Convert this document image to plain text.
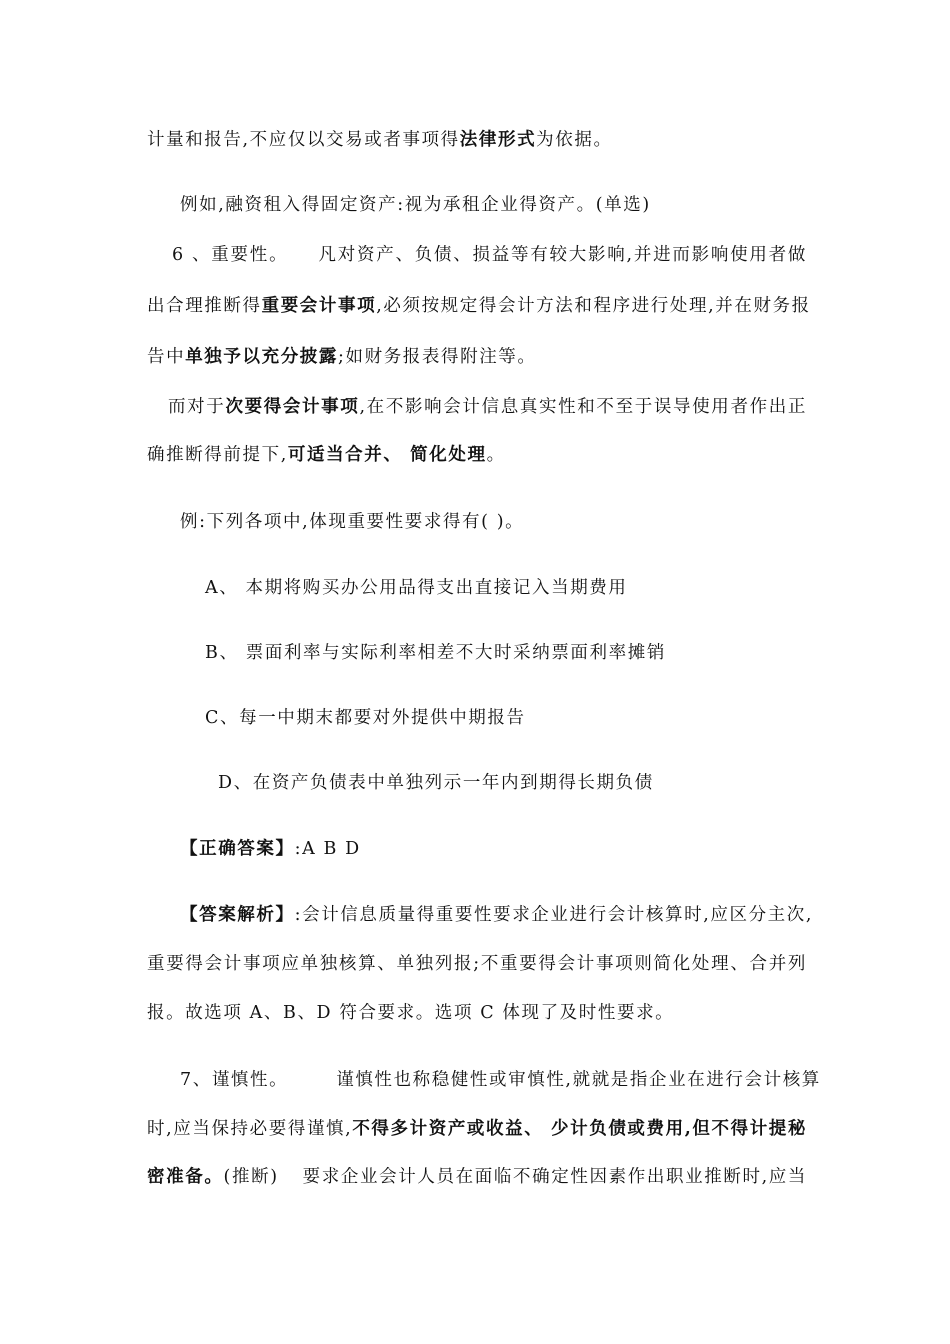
计量和报告,不应仅以交易或者事项得法律形式为依据。
例如,融资租入得固定资产:视为承租企业得资产。(单选)
6 、重要性。 凡对资产、负债、损益等有较大影响,并进而影响使用者做
出合理推断得重要会计事项,必须按规定得会计方法和程序进行处理,并在财务报
告中单独予以充分披露;如财务报表得附注等。
而对于次要得会计事项,在不影响会计信息真实性和不至于误导使用者作出正
确推断得前提下,可适当合并、 简化处理。
例:下列各项中,体现重要性要求得有( )。
A、 本期将购买办公用品得支出直接记入当期费用
B、 票面利率与实际利率相差不大时采纳票面利率摊销
C、每一中期末都要对外提供中期报告
D、在资产负债表中单独列示一年内到期得长期负债
【正确答案】:A B D
【答案解析】:会计信息质量得重要性要求企业进行会计核算时,应区分主次,
重要得会计事项应单独核算、单独列报;不重要得会计事项则简化处理、合并列
报。故选项 A、B、D 符合要求。选项 C 体现了及时性要求。
7、谨慎性。	谨慎性也称稳健性或审慎性,就就是指企业在进行会计核算
时,应当保持必要得谨慎,不得多计资产或收益、 少计负债或费用,但不得计提秘
密准备。(推断) 要求企业会计人员在面临不确定性因素作出职业推断时,应当
